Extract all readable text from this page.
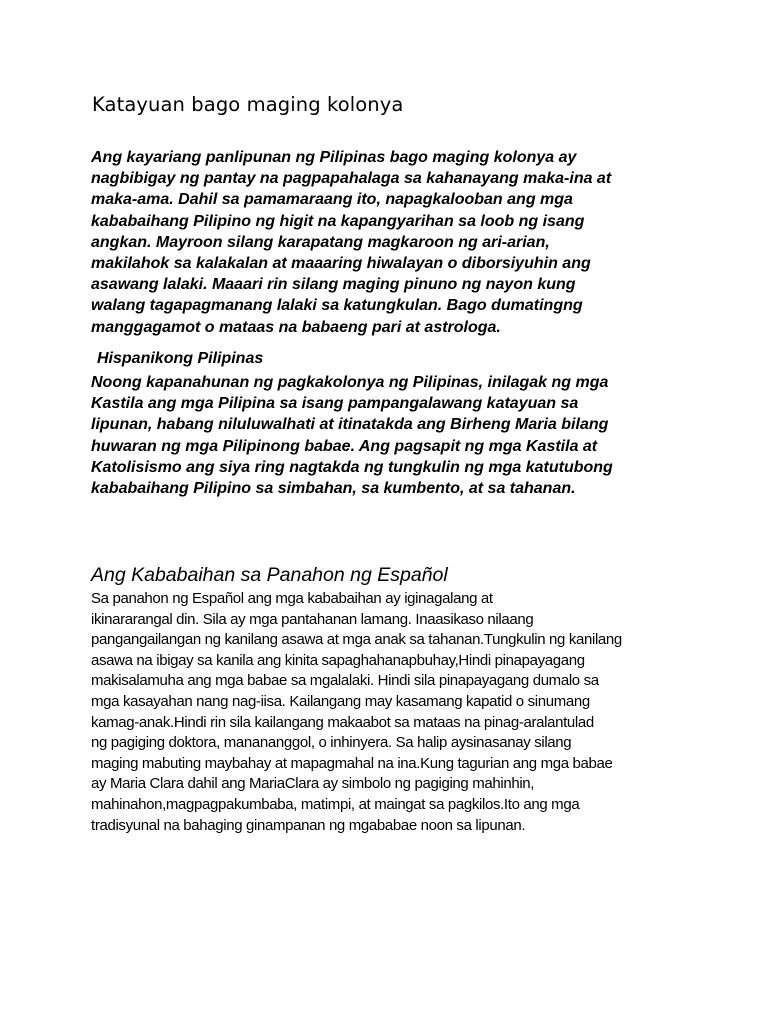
Katayuan bago maging kolonya

Ang kayariang panlipunan ng Pilipinas bago maging kolonya ay
nagbibigay ng pantay na pagpapahalaga sa kahanayang maka-ina at
maka-ama. Dahil sa pamamaraang ito, napagkalooban ang mga
kababaihang Pilipino ng higit na kapangyarihan sa loob ng isang
angkan. Mayroon silang karapatang magkaroon ng ari-arian,
makilahok sa kalakalan at maaaring hiwalayan o diborsiyuhin ang
asawang lalaki. Maaari rin silang maging pinuno ng nayon kung
walang tagapagmanang lalaki sa katungkulan. Bago dumatingng
manggagamot o mataas na babaeng pari at astrologa.

Hispanikong Pilipinas

Noong kapanahunan ng pagkakolonya ng Pilipinas, inilagak ng mga
Kastila ang mga Pilipina sa isang pampangalawang katayuan sa
lipunan, habang niluluwalhati at itinatakda ang Birheng Maria bilang
huwaran ng mga Pilipinong babae. Ang pagsapit ng mga Kastila at
Katolisismo ang siya ring nagtakda ng tungkulin ng mga katutubong
kababaihang Pilipino sa simbahan, sa kumbento, at sa tahanan.

Ang Kababaihan sa Panahon ng Español

Sa panahon ng Español ang mga kababaihan ay iginagalang at
ikinararangal din. Sila ay mga pantahanan lamang. Inaasikaso nilaang
pangangailangan ng kanilang asawa at mga anak sa tahanan.Tungkulin ng kanilang
asawa na ibigay sa kanila ang kinita sapaghahanapbuhay,Hindi pinapayagang
makisalamuha ang mga babae sa mgalalaki. Hindi sila pinapayagang dumalo sa
mga kasayahan nang nag-iisa. Kailangang may kasamang kapatid o sinumang
kamag-anak.Hindi rin sila kailangang makaabot sa mataas na pinag-aralantulad
ng pagiging doktora, manananggol, o inhinyera. Sa halip aysinasanay silang
maging mabuting maybahay at mapagmahal na ina.Kung tagurian ang mga babae
ay Maria Clara dahil ang MariaClara ay simbolo ng pagiging mahinhin,
mahinahon,magpagpakumbaba, matimpi, at maingat sa pagkilos.Ito ang mga
tradisyunal na bahaging ginampanan ng mgababae noon sa lipunan.
